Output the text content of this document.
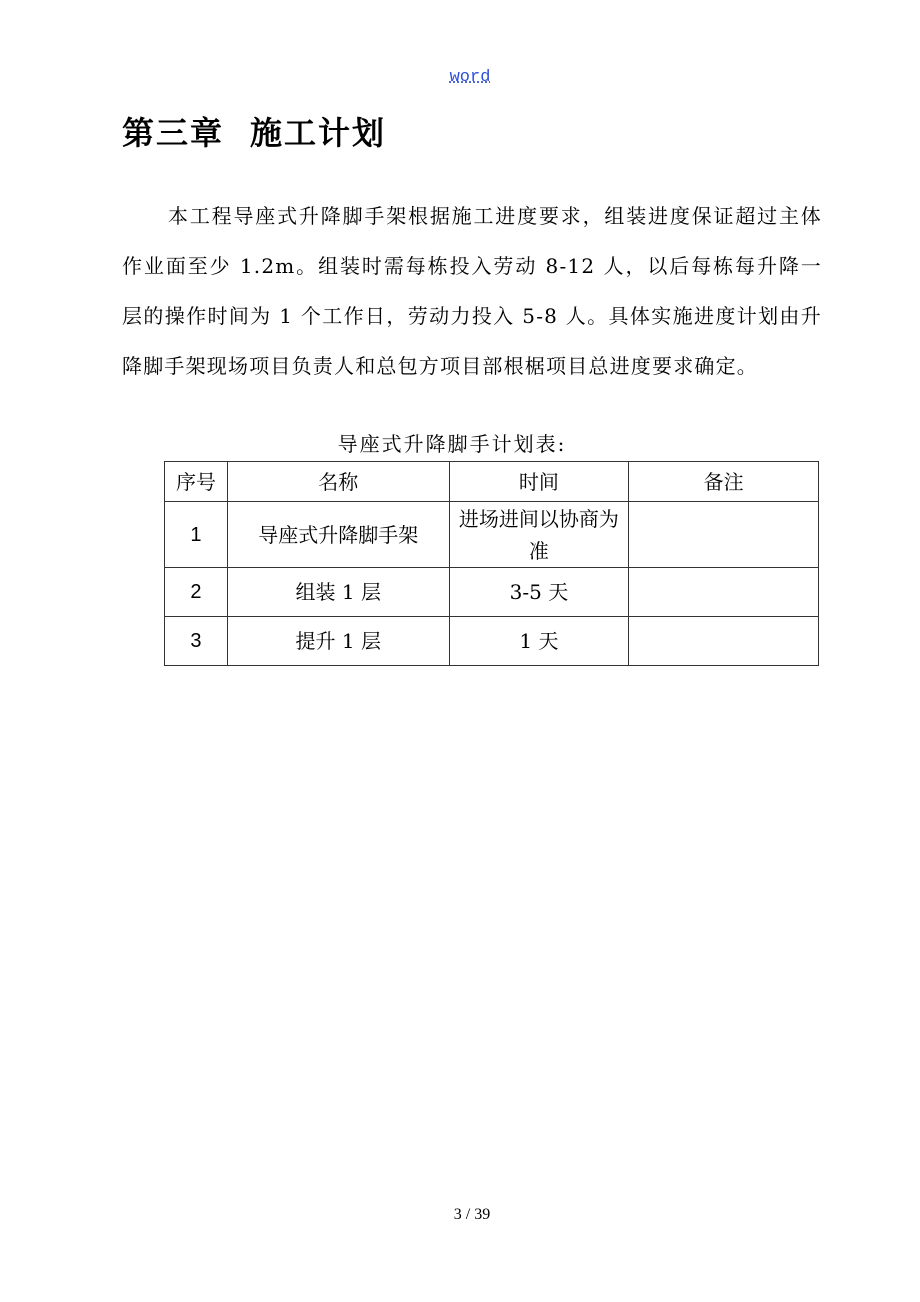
word
第三章 施工计划

本工程导座式升降脚手架根据施工进度要求，组装进度保证超过主体作业面至少 1.2m。组装时需每栋投入劳动 8-12 人，以后每栋每升降一层的操作时间为 1 个工作日，劳动力投入 5-8 人。具体实施进度计划由升降脚手架现场项目负责人和总包方项目部根椐项目总进度要求确定。

导座式升降脚手计划表:

序号	名称	时间	备注
1	导座式升降脚手架	进场进间以协商为准	
2	组装 1 层	3-5 天	
3	提升 1 层	1 天	
3 / 39
